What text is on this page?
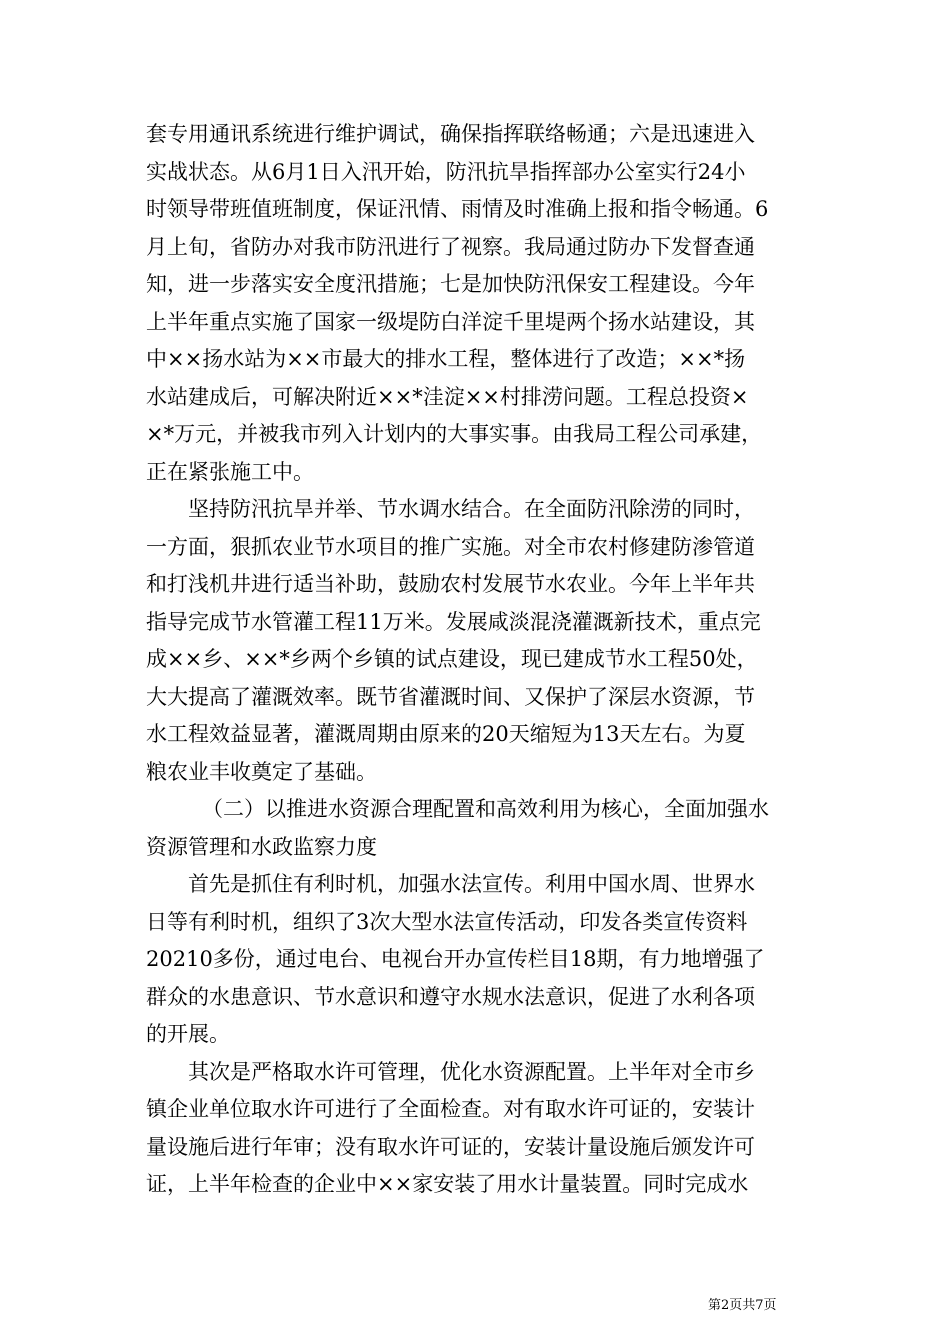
套专用通讯系统进行维护调试，确保指挥联络畅通；六是迅速进入
实战状态。从6月1日入汛开始，防汛抗旱指挥部办公室实行24小
时领导带班值班制度，保证汛情、雨情及时准确上报和指令畅通。6
月上旬，省防办对我市防汛进行了视察。我局通过防办下发督查通
知，进一步落实安全度汛措施；七是加快防汛保安工程建设。今年
上半年重点实施了国家一级堤防白洋淀千里堤两个扬水站建设，其
中××扬水站为××市最大的排水工程，整体进行了改造；××*扬
水站建成后，可解决附近××*洼淀××村排涝问题。工程总投资×
×*万元，并被我市列入计划内的大事实事。由我局工程公司承建，
正在紧张施工中。
坚持防汛抗旱并举、节水调水结合。在全面防汛除涝的同时，
一方面，狠抓农业节水项目的推广实施。对全市农村修建防渗管道
和打浅机井进行适当补助，鼓励农村发展节水农业。今年上半年共
指导完成节水管灌工程11万米。发展咸淡混浇灌溉新技术，重点完
成××乡、××*乡两个乡镇的试点建设，现已建成节水工程50处，
大大提高了灌溉效率。既节省灌溉时间、又保护了深层水资源，节
水工程效益显著，灌溉周期由原来的20天缩短为13天左右。为夏
粮农业丰收奠定了基础。
（二）以推进水资源合理配置和高效利用为核心，全面加强水
资源管理和水政监察力度
首先是抓住有利时机，加强水法宣传。利用中国水周、世界水
日等有利时机，组织了3次大型水法宣传活动，印发各类宣传资料
20210多份，通过电台、电视台开办宣传栏目18期，有力地增强了
群众的水患意识、节水意识和遵守水规水法意识，促进了水利各项
的开展。
其次是严格取水许可管理，优化水资源配置。上半年对全市乡
镇企业单位取水许可进行了全面检查。对有取水许可证的，安装计
量设施后进行年审；没有取水许可证的，安装计量设施后颁发许可
证，上半年检查的企业中××家安装了用水计量装置。同时完成水
第2页共7页
